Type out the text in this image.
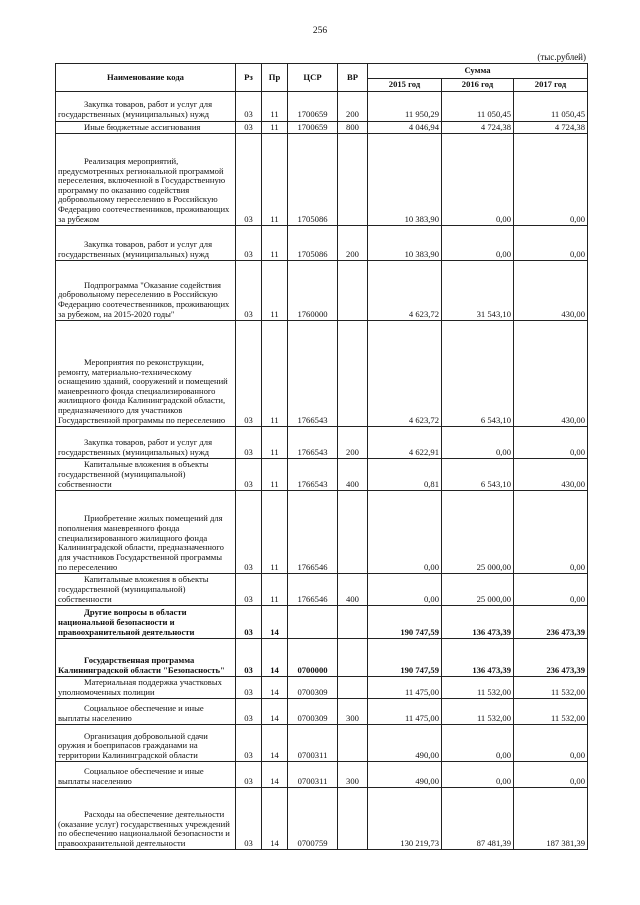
256
(тыс.рублей)
Наименование кода	Рз	Пр	ЦСР	ВР	Сумма		
					2015 год	2016 год	2017 год
Закупка товаров, работ и услуг для государственных (муниципальных) нужд	03	11	1700659	200	11 950,29	11 050,45	11 050,45
Иные бюджетные ассигнования	03	11	1700659	800	4 046,94	4 724,38	4 724,38
Реализация мероприятий, предусмотренных региональной программой переселения, включенной в Государственную программу по оказанию содействия добровольному переселению в Российскую Федерацию соотечественников, проживающих за рубежом	03	11	1705086		10 383,90	0,00	0,00
Закупка товаров, работ и услуг для государственных (муниципальных) нужд	03	11	1705086	200	10 383,90	0,00	0,00
Подпрограмма "Оказание содействия добровольному переселению в Российскую Федерацию соотечественников, проживающих за рубежом, на 2015-2020 годы"	03	11	1760000		4 623,72	31 543,10	430,00
Мероприятия по реконструкции, ремонту, материально-техническому оснащению зданий, сооружений и помещений маневренного фонда специализированного жилищного фонда Калининградской области, предназначенного для участников Государственной программы по переселению	03	11	1766543		4 623,72	6 543,10	430,00
Закупка товаров, работ и услуг для государственных (муниципальных) нужд	03	11	1766543	200	4 622,91	0,00	0,00
Капитальные вложения в объекты государственной (муниципальной) собственности	03	11	1766543	400	0,81	6 543,10	430,00
Приобретение жилых помещений для пополнения маневренного фонда специализированного жилищного фонда Калининградской области, предназначенного для участников Государственной программы по переселению	03	11	1766546		0,00	25 000,00	0,00
Капитальные вложения в объекты государственной (муниципальной) собственности	03	11	1766546	400	0,00	25 000,00	0,00
Другие вопросы в области национальной безопасности и правоохранительной деятельности	03	14			190 747,59	136 473,39	236 473,39
Государственная программа Калининградской области "Безопасность"	03	14	0700000		190 747,59	136 473,39	236 473,39
Материальная поддержка участковых уполномоченных полиции	03	14	0700309		11 475,00	11 532,00	11 532,00
Социальное обеспечение и иные выплаты населению	03	14	0700309	300	11 475,00	11 532,00	11 532,00
Организация добровольной сдачи оружия и боеприпасов гражданами на территории Калининградской области	03	14	0700311		490,00	0,00	0,00
Социальное обеспечение и иные выплаты населению	03	14	0700311	300	490,00	0,00	0,00
Расходы на обеспечение деятельности (оказание услуг) государственных учреждений по обеспечению национальной безопасности и правоохранительной деятельности	03	14	0700759		130 219,73	87 481,39	187 381,39
